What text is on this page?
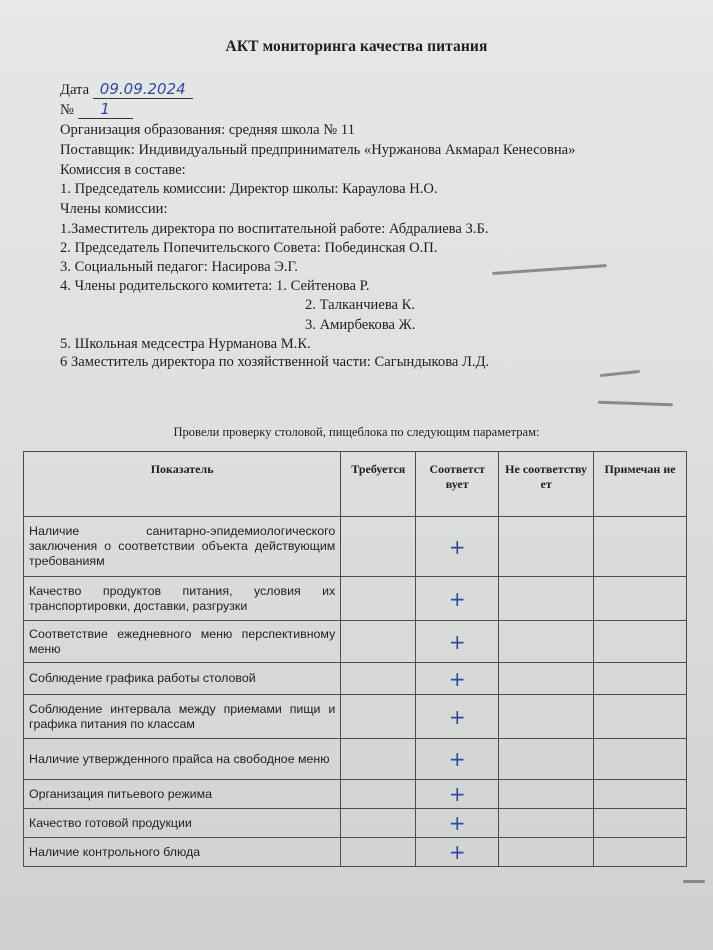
АКТ мониторинга качества питания
Дата 09.09.2024
№ 1
Организация образования: средняя школа № 11
Поставщик: Индивидуальный предприниматель «Нуржанова Акмарал Кенесовна»
Комиссия в составе:
1. Председатель комиссии: Директор школы: Караулова Н.О.
Члены комиссии:
1.Заместитель директора по воспитательной работе: Абдралиева З.Б.
2. Председатель Попечительского Совета: Побединская О.П.
3. Социальный педагог: Насирова Э.Г.
4. Члены родительского комитета: 1. Сейтенова Р.
2. Талканчиева К.
3. Амирбекова Ж.
5. Школьная медсестра Нурманова М.К.
6 Заместитель директора по хозяйственной части: Сагындыкова Л.Д.
Провели проверку столовой, пищеблока по следующим параметрам:
Показатель	Требуется	Соответст вует	Не соответству ет	Примечан ие
Наличие санитарно-эпидемиологического заключения о соответствии объекта действующим требованиям		+		
Качество продуктов питания, условия их транспортировки, доставки, разгрузки		+		
Соответствие ежедневного меню перспективному меню		+		
Соблюдение графика работы столовой		+		
Соблюдение интервала между приемами пищи и графика питания по классам		+		
Наличие утвержденного прайса на свободное меню		+		
Организация питьевого режима		+		
Качество готовой продукции		+		
Наличие контрольного блюда		+		
